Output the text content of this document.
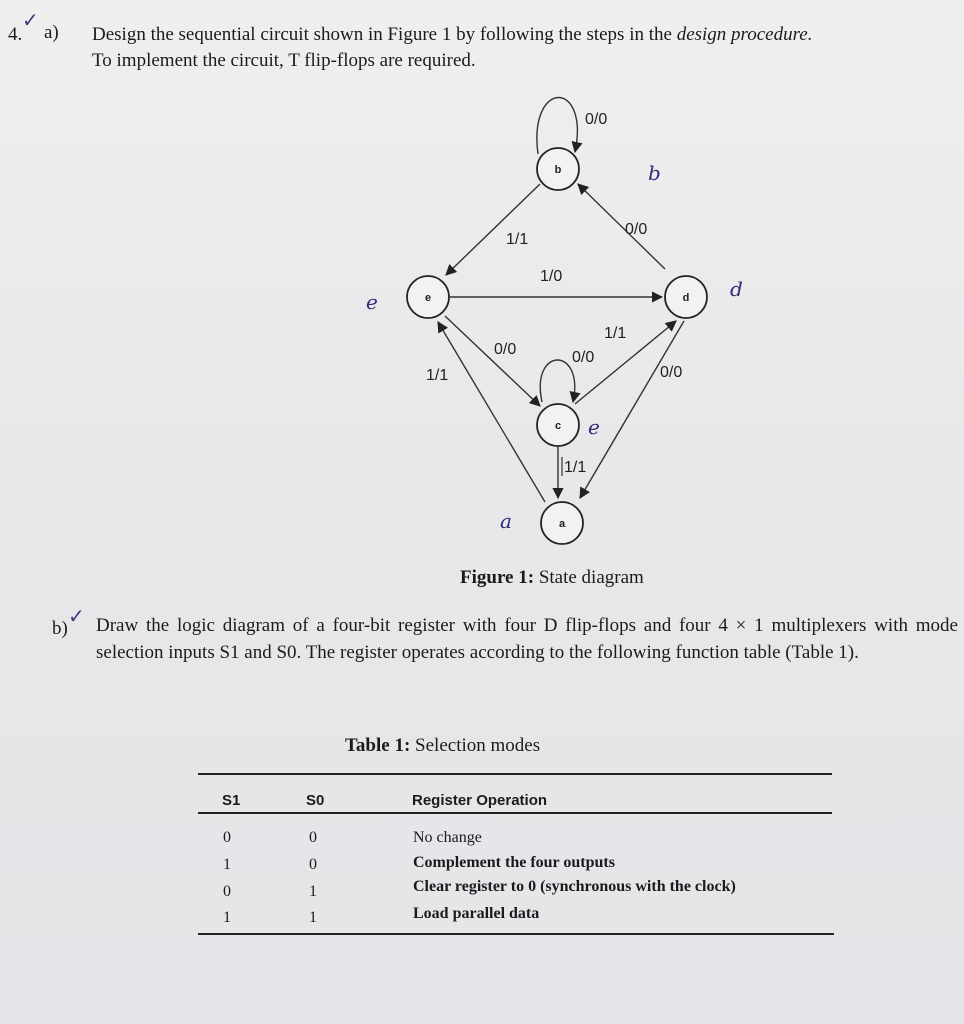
✓
4. a) Design the sequential circuit shown in Figure 1 by following the steps in the design procedure.
To implement the circuit, T flip-flops are required.
b
e	d
c
a
0/0
1/1
0/0
1/0
0/0	0/0
1/1
0/0
1/1
1/1
b
e
d
e
a
Figure 1: State diagram
✓
b) Draw the logic diagram of a four-bit register with four D flip-flops and four 4 × 1 multiplexers with mode selection inputs S1 and S0. The register operates according to the following function table (Table 1).
Table 1: Selection modes
S1	S0	Register Operation
0	0	No change
1	0	Complement the four outputs
0	1	Clear register to 0 (synchronous with the clock)
1	1	Load parallel data
